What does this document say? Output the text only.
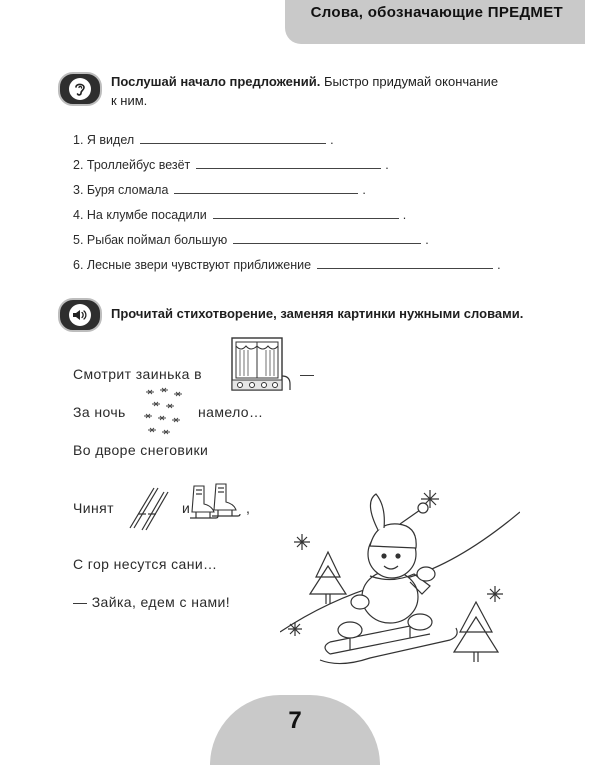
Слова, обозначающие ПРЕДМЕТ
Послушай начало предложений. Быстро придумай окончание
к ним.
1. Я видел	.
2. Троллейбус везёт	.
3. Буря сломала	.
4. На клумбе посадили	.
5. Рыбак поймал большую	.
6. Лесные звери чувствуют приближение	.
Прочитай стихотворение, заменяя картинки нужными словами.
Смотрит заинька в	—
За ночь	намело…
Во дворе снеговики
Чинят	и	,
С гор несутся сани…
— Зайка, едем с нами!
7
